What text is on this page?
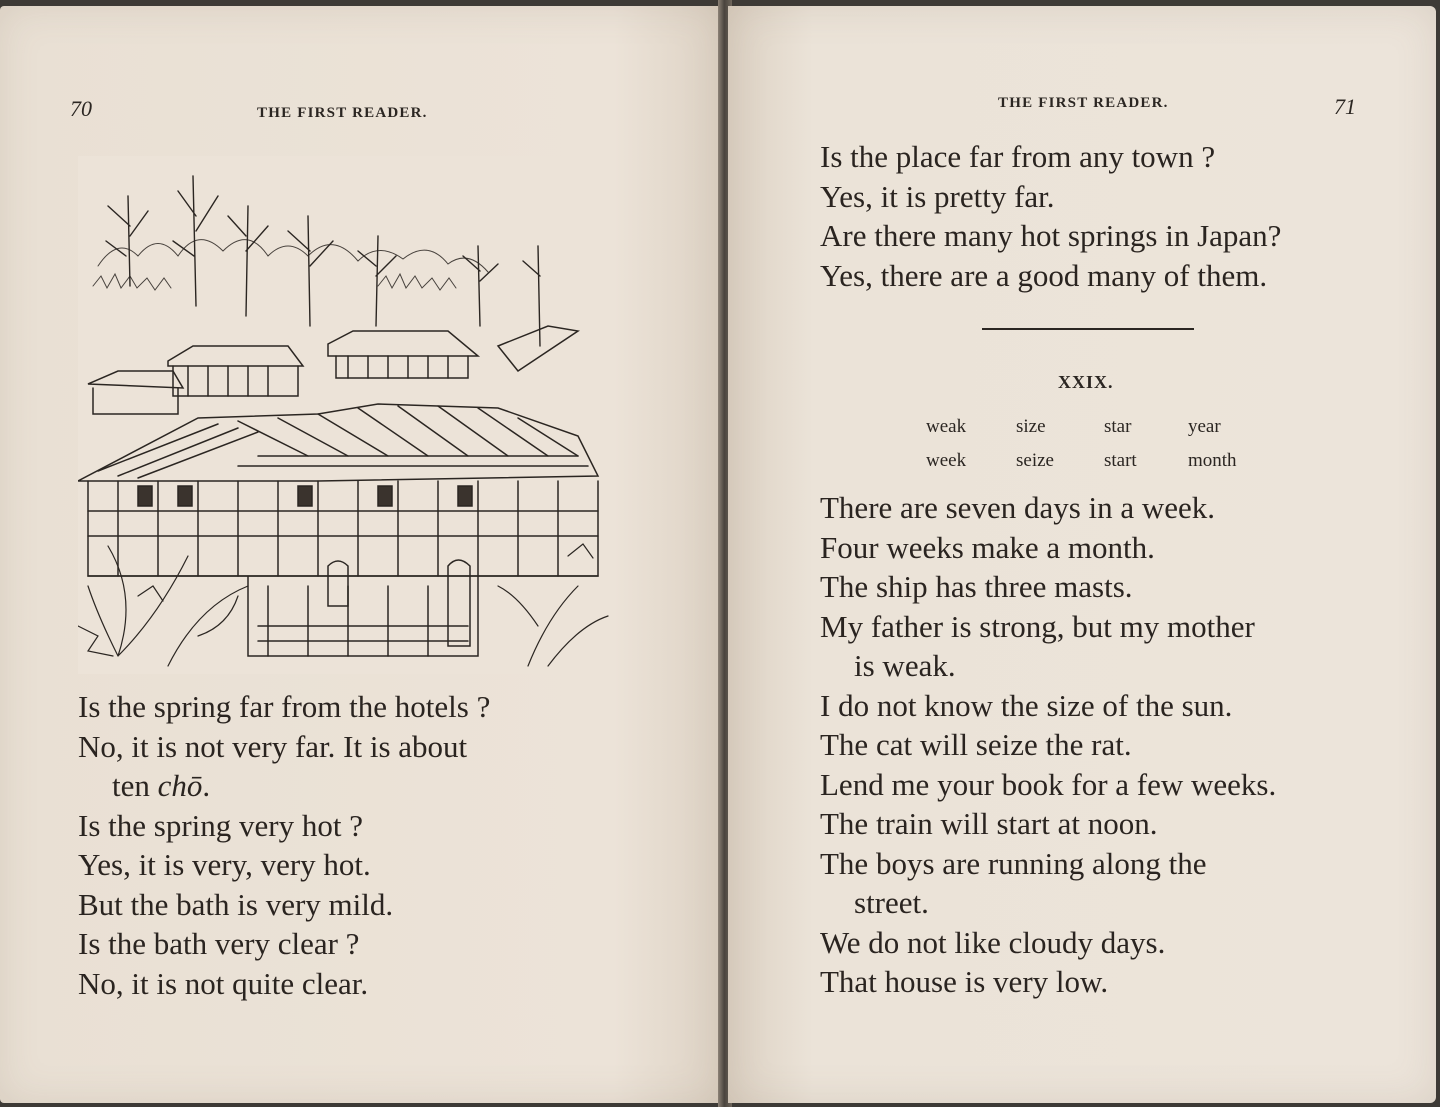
70	THE FIRST READER.
Is the spring far from the hotels ?
No, it is not very far. It is about
ten chō.
Is the spring very hot ?
Yes, it is very, very hot.
But the bath is very mild.
Is the bath very clear ?
No, it is not quite clear.
THE FIRST READER.	71
Is the place far from any town ?
Yes, it is pretty far.
Are there many hot springs in Japan?
Yes, there are a good many of them.
XXIX.
weak	size	star	year
week	seize	start	month
There are seven days in a week.
Four weeks make a month.
The ship has three masts.
My father is strong, but my mother
is weak.
I do not know the size of the sun.
The cat will seize the rat.
Lend me your book for a few weeks.
The train will start at noon.
The boys are running along the
street.
We do not like cloudy days.
That house is very low.
